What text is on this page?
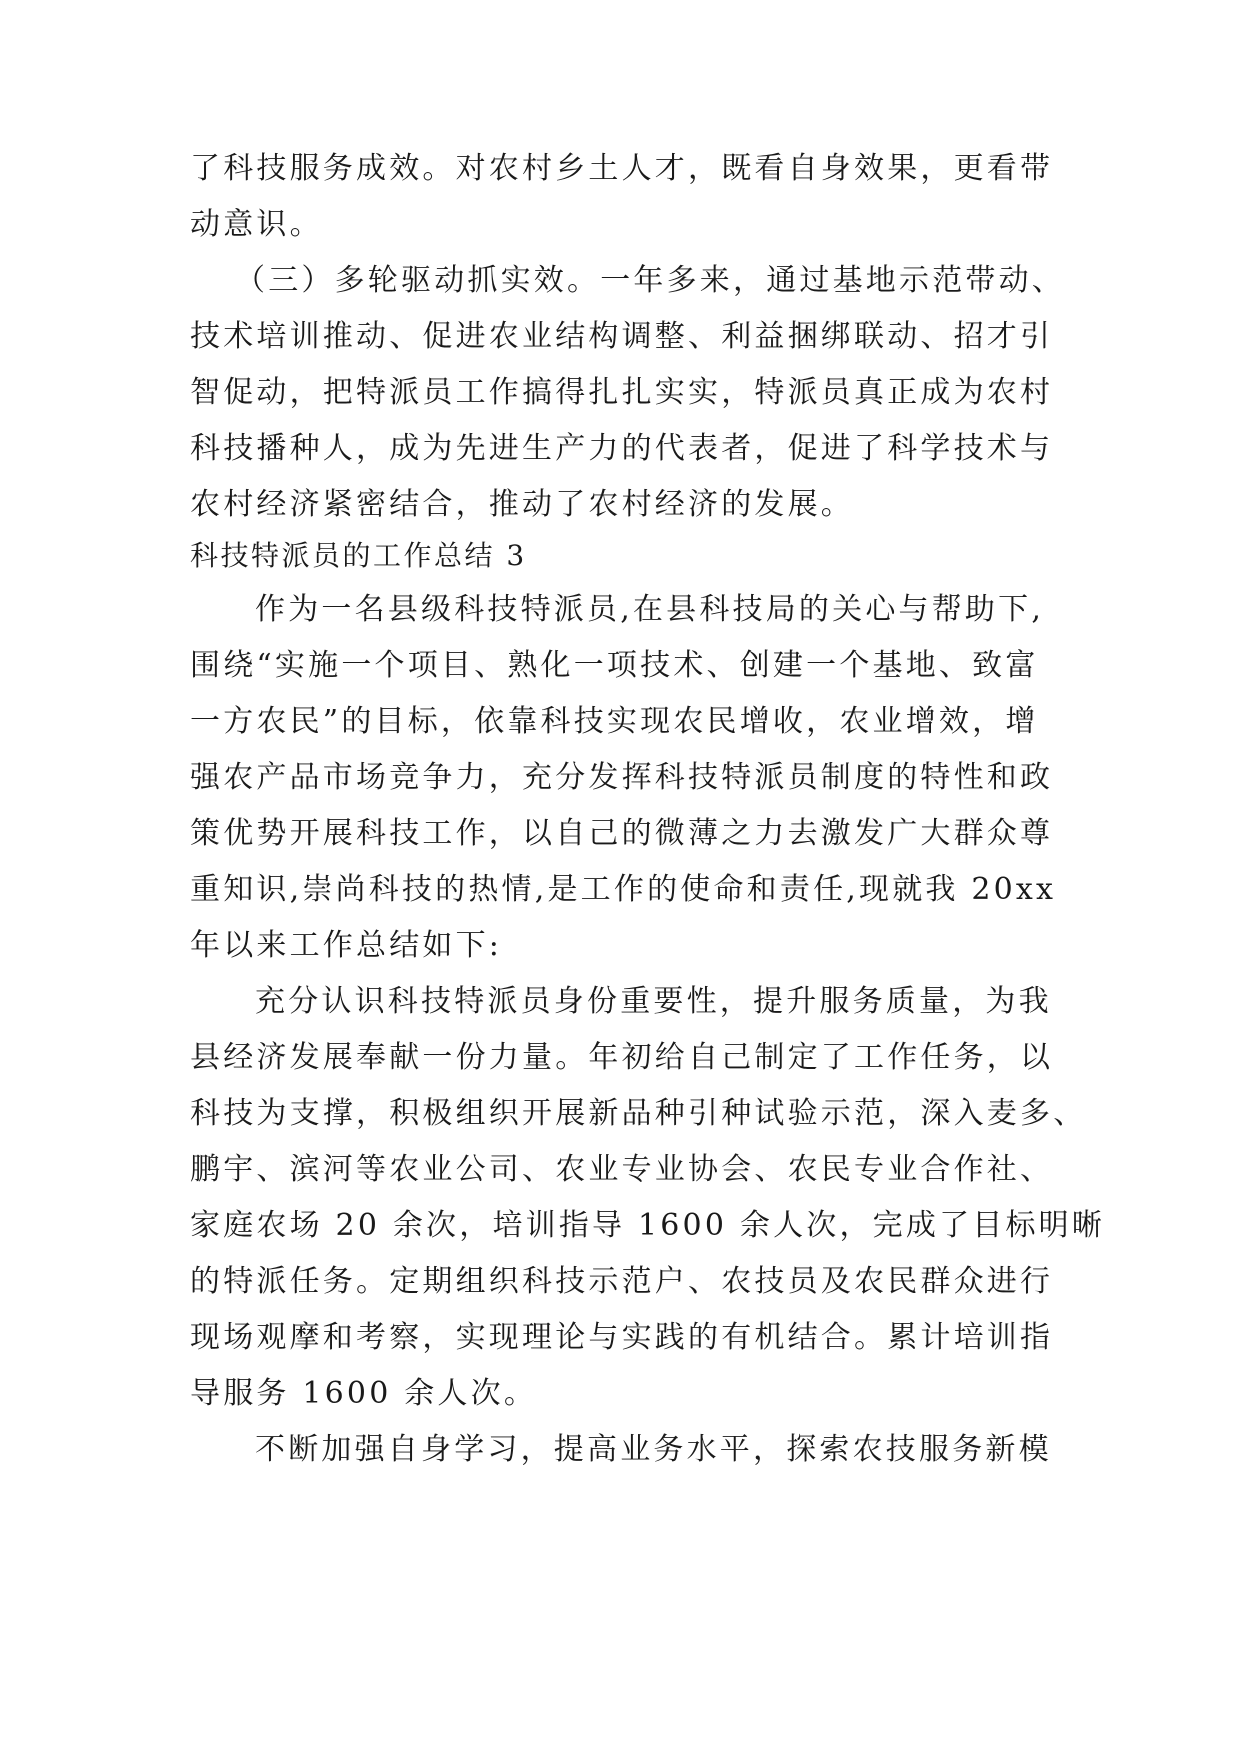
了科技服务成效。对农村乡土人才，既看自身效果，更看带
动意识。
（三）多轮驱动抓实效。一年多来，通过基地示范带动、
技术培训推动、促进农业结构调整、利益捆绑联动、招才引
智促动，把特派员工作搞得扎扎实实，特派员真正成为农村
科技播种人，成为先进生产力的代表者，促进了科学技术与
农村经济紧密结合，推动了农村经济的发展。
科技特派员的工作总结 3
作为一名县级科技特派员,在县科技局的关心与帮助下,
围绕“实施一个项目、熟化一项技术、创建一个基地、致富
一方农民”的目标，依靠科技实现农民增收，农业增效，增
强农产品市场竞争力，充分发挥科技特派员制度的特性和政
策优势开展科技工作，以自己的微薄之力去激发广大群众尊
重知识,崇尚科技的热情,是工作的使命和责任,现就我 20xx
年以来工作总结如下:
充分认识科技特派员身份重要性，提升服务质量，为我
县经济发展奉献一份力量。年初给自己制定了工作任务，以
科技为支撑，积极组织开展新品种引种试验示范，深入麦多、
鹏宇、滨河等农业公司、农业专业协会、农民专业合作社、
家庭农场 20 余次，培训指导 1600 余人次，完成了目标明晰
的特派任务。定期组织科技示范户、农技员及农民群众进行
现场观摩和考察，实现理论与实践的有机结合。累计培训指
导服务 1600 余人次。
不断加强自身学习，提高业务水平，探索农技服务新模
